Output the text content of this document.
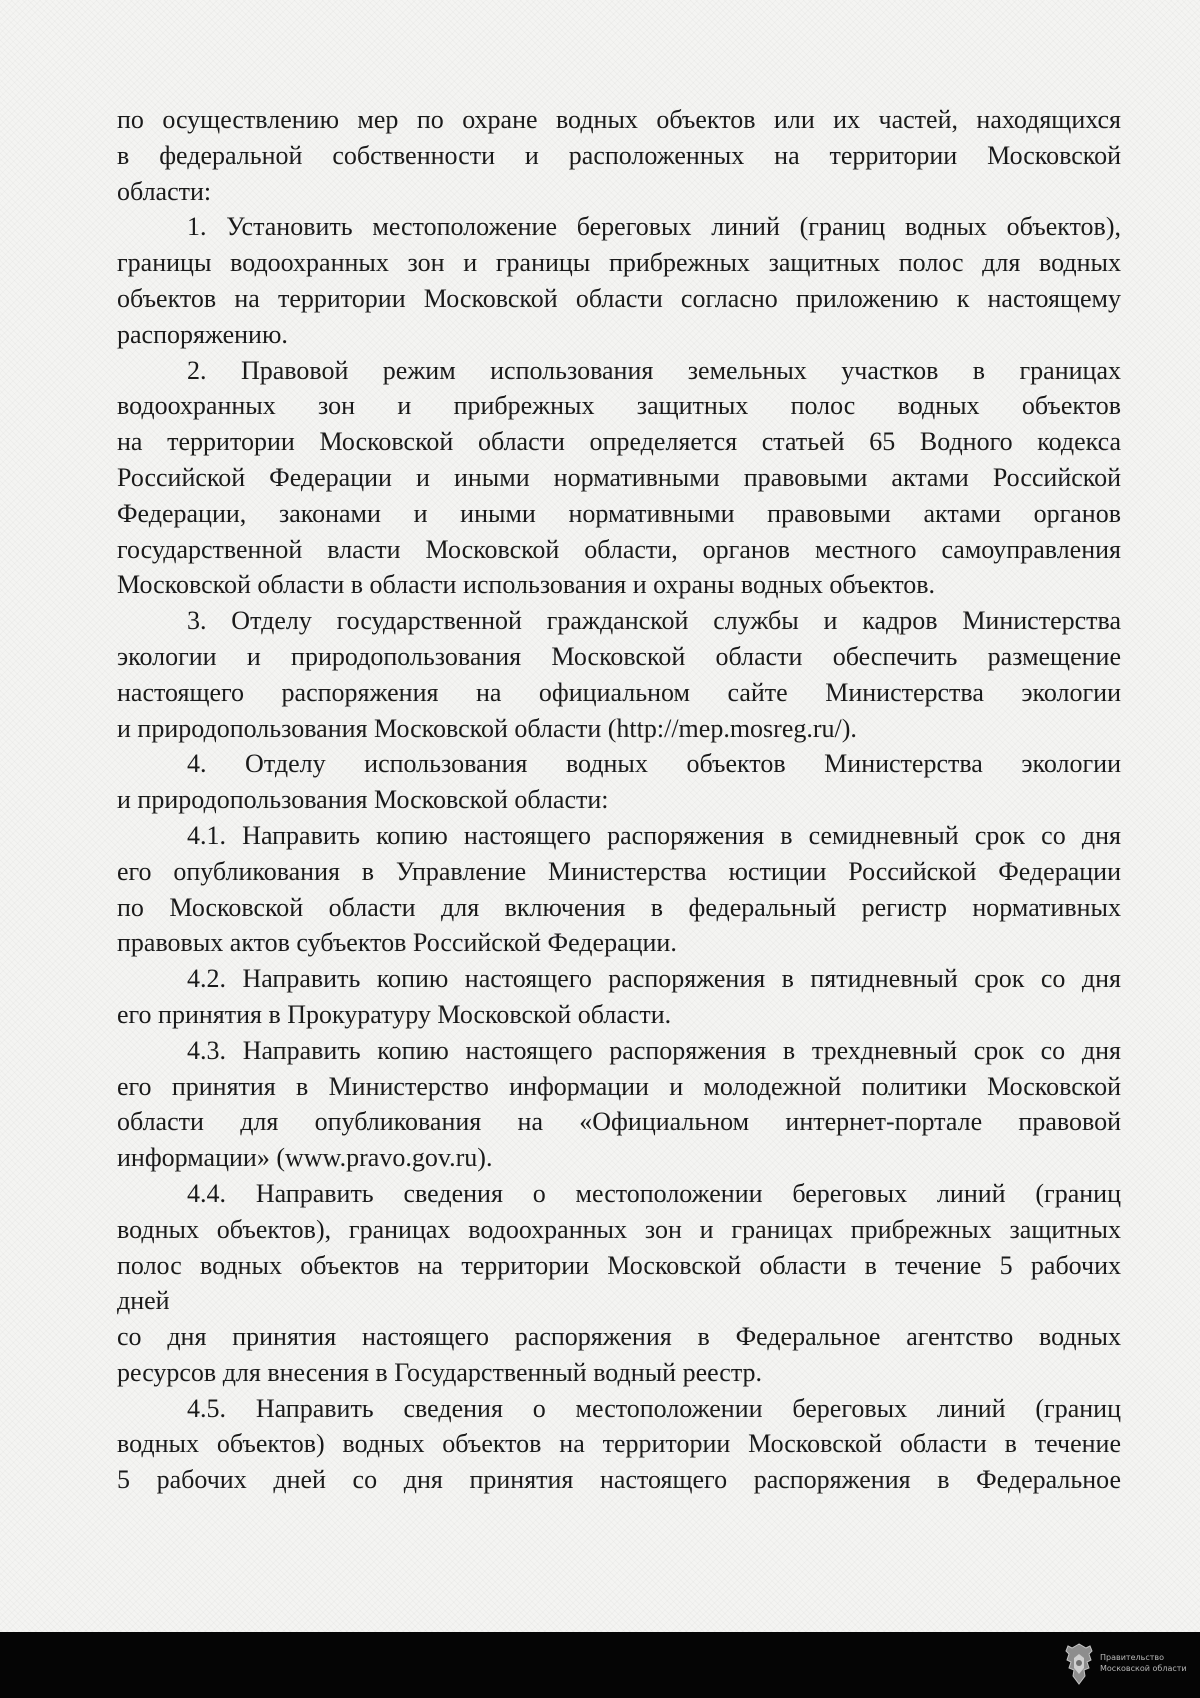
по осуществлению мер по охране водных объектов или их частей, находящихся
в федеральной собственности и расположенных на территории Московской
области:
1. Установить местоположение береговых линий (границ водных объектов),
границы водоохранных зон и границы прибрежных защитных полос для водных
объектов на территории Московской области согласно приложению к настоящему
распоряжению.
2. Правовой режим использования земельных участков в границах
водоохранных зон и прибрежных защитных полос водных объектов
на территории Московской области определяется статьей 65 Водного кодекса
Российской Федерации и иными нормативными правовыми актами Российской
Федерации, законами и иными нормативными правовыми актами органов
государственной власти Московской области, органов местного самоуправления
Московской области в области использования и охраны водных объектов.
3. Отделу государственной гражданской службы и кадров Министерства
экологии и природопользования Московской области обеспечить размещение
настоящего распоряжения на официальном сайте Министерства экологии
и природопользования Московской области (http://mep.mosreg.ru/).
4. Отделу использования водных объектов Министерства экологии
и природопользования Московской области:
4.1. Направить копию настоящего распоряжения в семидневный срок со дня
его опубликования в Управление Министерства юстиции Российской Федерации
по Московской области для включения в федеральный регистр нормативных
правовых актов субъектов Российской Федерации.
4.2. Направить копию настоящего распоряжения в пятидневный срок со дня
его принятия в Прокуратуру Московской области.
4.3. Направить копию настоящего распоряжения в трехдневный срок со дня
его принятия в Министерство информации и молодежной политики Московской
области для опубликования на «Официальном интернет-портале правовой
информации» (www.pravo.gov.ru).
4.4. Направить сведения о местоположении береговых линий (границ
водных объектов), границах водоохранных зон и границах прибрежных защитных
полос водных объектов на территории Московской области в течение 5 рабочих
дней
со дня принятия настоящего распоряжения в Федеральное агентство водных
ресурсов для внесения в Государственный водный реестр.
4.5. Направить сведения о местоположении береговых линий (границ
водных объектов) водных объектов на территории Московской области в течение
5 рабочих дней со дня принятия настоящего распоряжения в Федеральное
Правительство
Московской области
